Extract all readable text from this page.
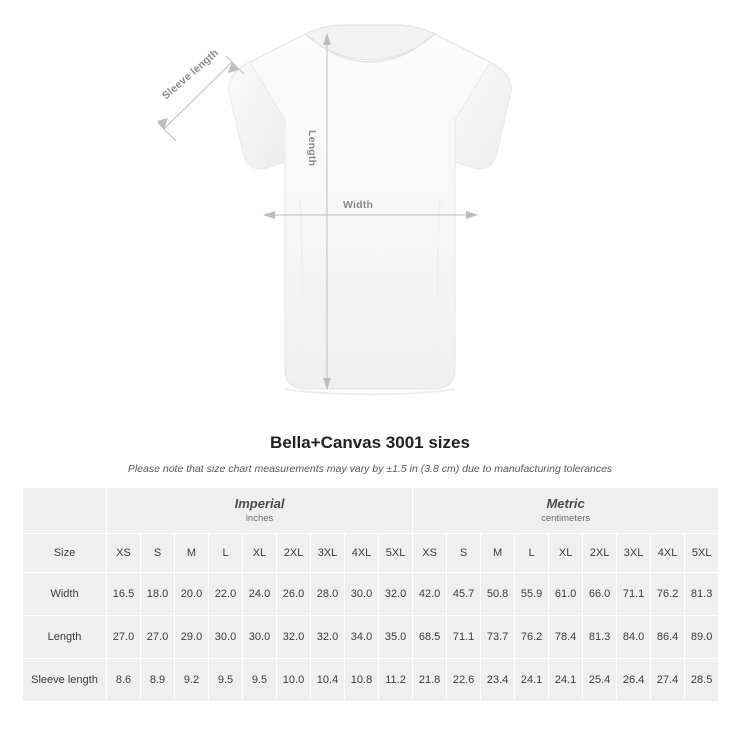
Sleeve length
Length
Width
Bella+Canvas 3001 sizes

Please note that size chart measurements may vary by ±1.5 in (3.8 cm) due to manufacturing tolerances

	Imperial
inches									Metric
centimeters								

Size	XS	S	M	L	XL	2XL	3XL	4XL	5XL	XS	S	M	L	XL	2XL	3XL	4XL	5XL
Width	16.5	18.0	20.0	22.0	24.0	26.0	28.0	30.0	32.0	42.0	45.7	50.8	55.9	61.0	66.0	71.1	76.2	81.3
Length	27.0	27.0	29.0	30.0	30.0	32.0	32.0	34.0	35.0	68.5	71.1	73.7	76.2	78.4	81.3	84.0	86.4	89.0
Sleeve length	8.6	8.9	9.2	9.5	9.5	10.0	10.4	10.8	11.2	21.8	22.6	23.4	24.1	24.1	25.4	26.4	27.4	28.5
